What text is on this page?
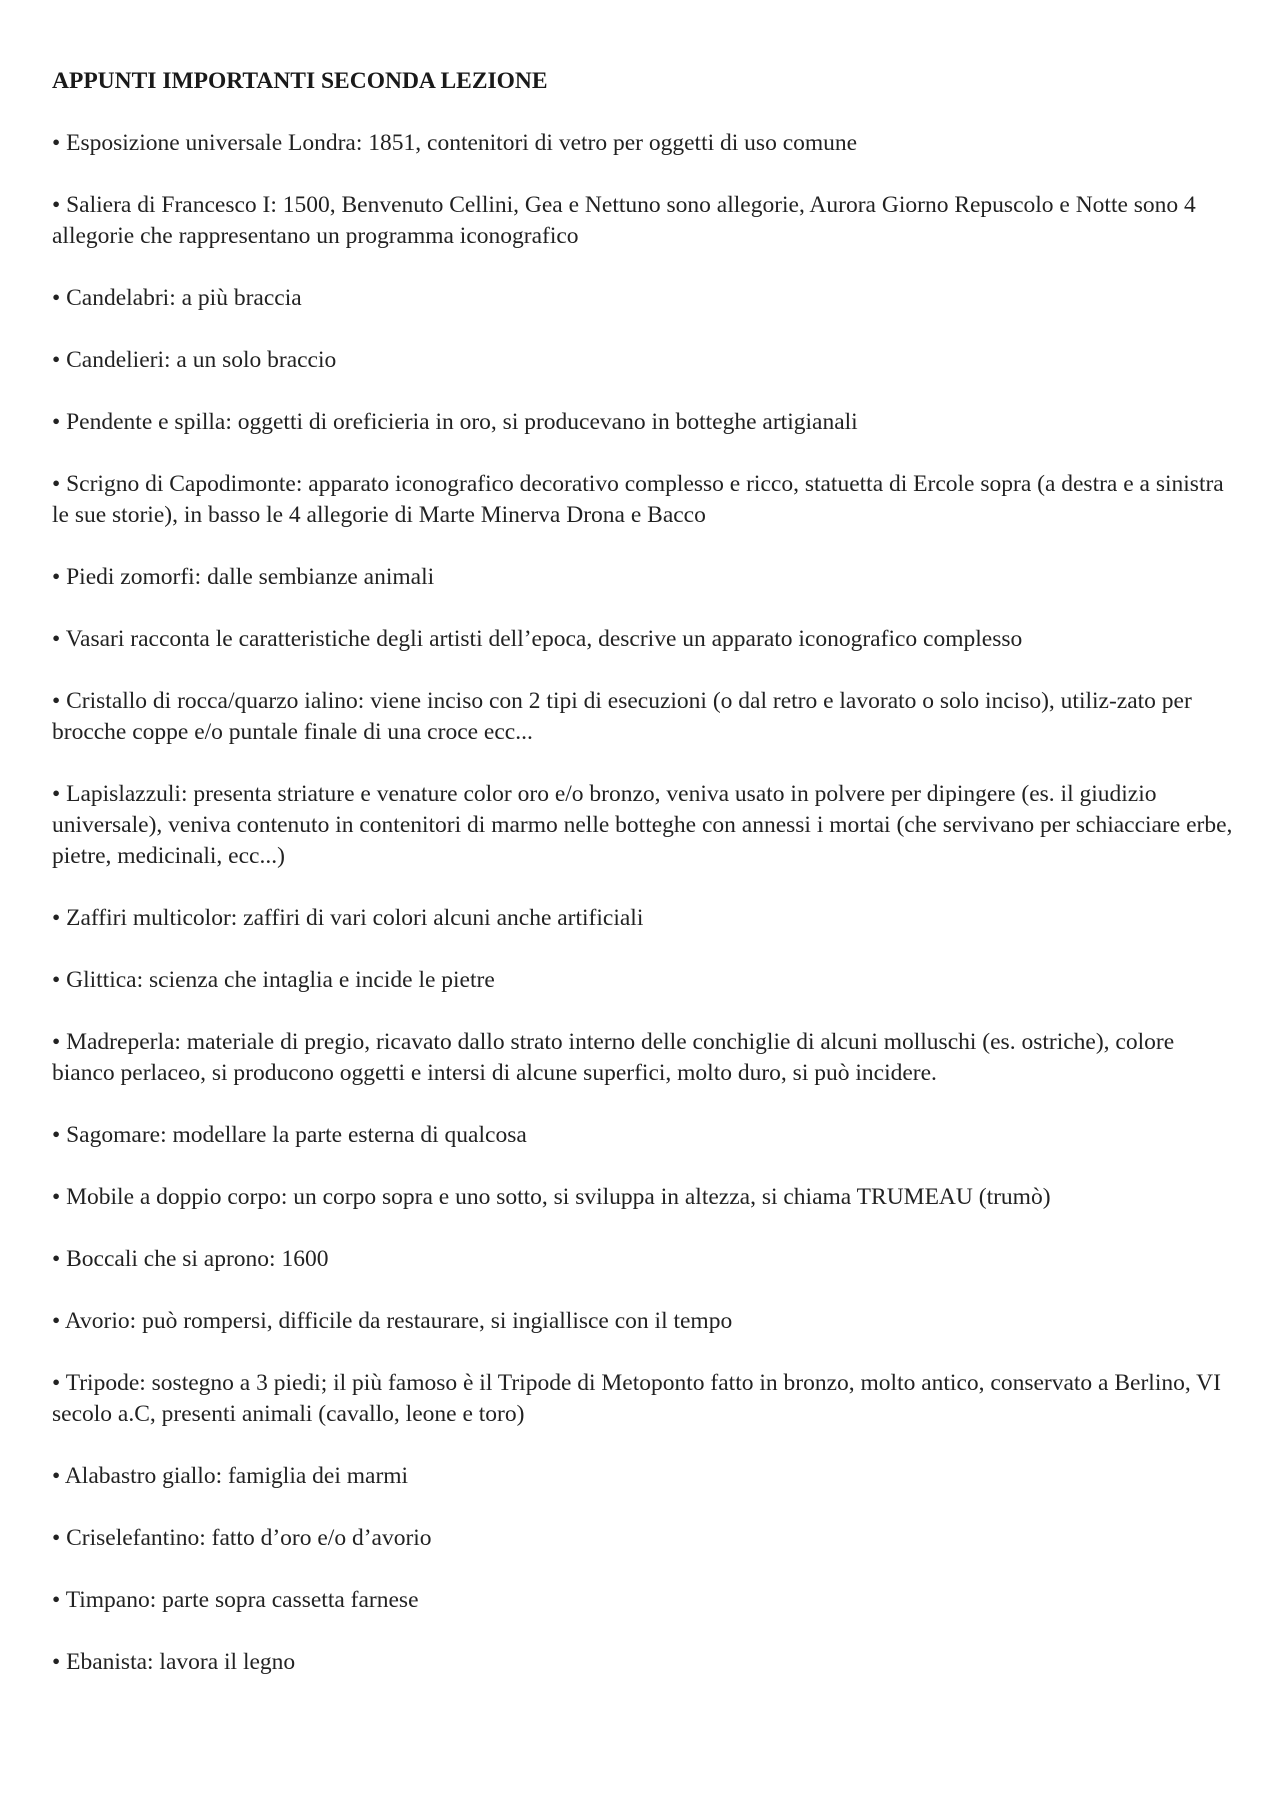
APPUNTI IMPORTANTI SECONDA LEZIONE
• Esposizione universale Londra: 1851, contenitori di vetro per oggetti di uso comune
• Saliera di Francesco I: 1500, Benvenuto Cellini, Gea e Nettuno sono allegorie, Aurora Giorno Repuscolo e Notte sono 4 allegorie che rappresentano un programma iconografico
• Candelabri: a più braccia
• Candelieri: a un solo braccio
• Pendente e spilla: oggetti di oreficieria in oro, si producevano in botteghe artigianali
• Scrigno di Capodimonte: apparato iconografico decorativo complesso e ricco, statuetta di Ercole sopra (a destra e a sinistra le sue storie), in basso le 4 allegorie di Marte Minerva Drona e Bacco
• Piedi zomorfi: dalle sembianze animali
• Vasari racconta le caratteristiche degli artisti dell’epoca, descrive un apparato iconografico complesso
• Cristallo di rocca/quarzo ialino: viene inciso con 2 tipi di esecuzioni (o dal retro e lavorato o solo inciso), utiliz-zato per brocche coppe e/o puntale finale di una croce ecc...
• Lapislazzuli: presenta striature e venature color oro e/o bronzo, veniva usato in polvere per dipingere (es. il giudizio universale), veniva contenuto in contenitori di marmo nelle botteghe con annessi i mortai (che servivano per schiacciare erbe, pietre, medicinali, ecc...)
• Zaffiri multicolor: zaffiri di vari colori alcuni anche artificiali
• Glittica: scienza che intaglia e incide le pietre
• Madreperla: materiale di pregio, ricavato dallo strato interno delle conchiglie di alcuni molluschi (es. ostriche), colore bianco perlaceo, si producono oggetti e intersi di alcune superfici, molto duro, si può incidere.
• Sagomare: modellare la parte esterna di qualcosa
• Mobile a doppio corpo: un corpo sopra e uno sotto, si sviluppa in altezza, si chiama TRUMEAU (trumò)
• Boccali che si aprono: 1600
• Avorio: può rompersi, difficile da restaurare, si ingiallisce con il tempo
• Tripode: sostegno a 3 piedi; il più famoso è il Tripode di Metoponto fatto in bronzo, molto antico, conservato a Berlino, VI secolo a.C, presenti animali (cavallo, leone e toro)
• Alabastro giallo: famiglia dei marmi
• Criselefantino: fatto d’oro e/o d’avorio
• Timpano: parte sopra cassetta farnese
• Ebanista: lavora il legno
